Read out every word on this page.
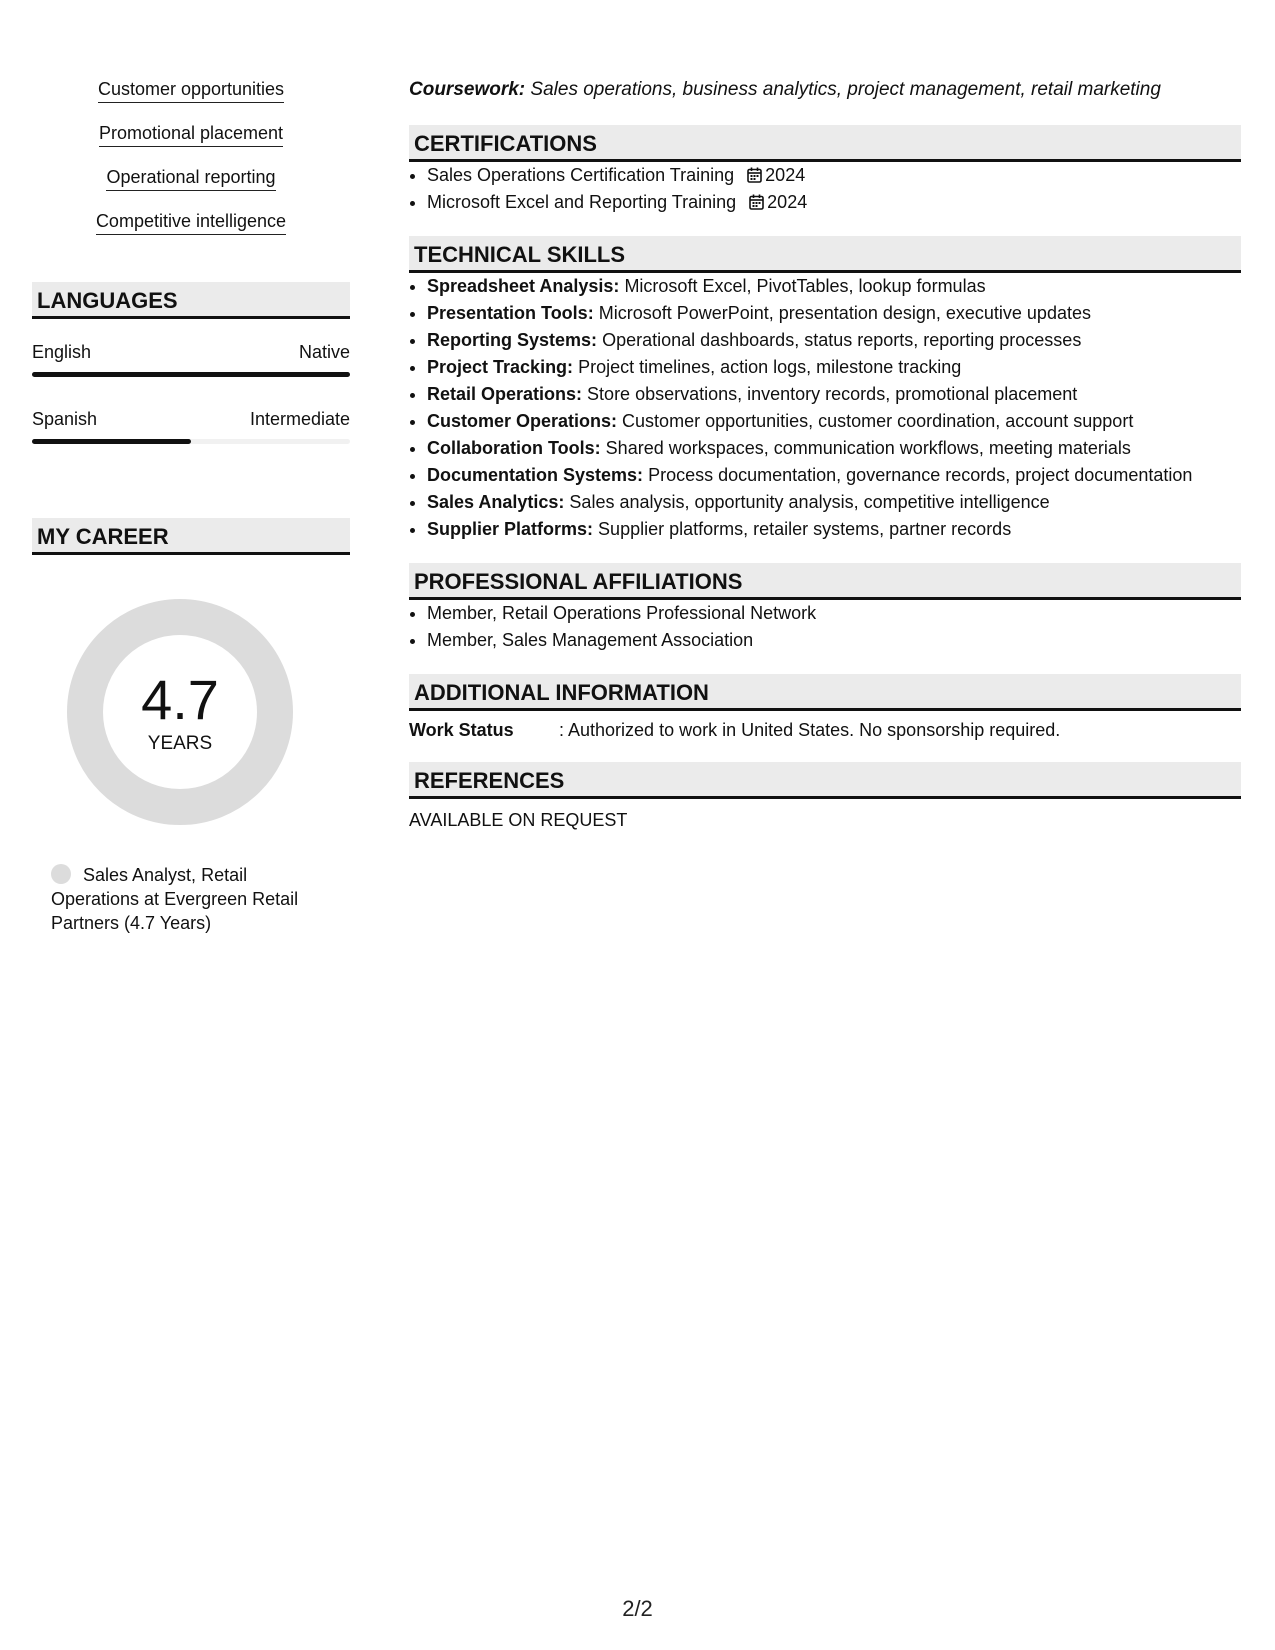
Customer opportunities
Promotional placement
Operational reporting
Competitive intelligence
LANGUAGES
English	Native
Spanish	Intermediate
MY CAREER
4.7
YEARS
Sales Analyst, Retail Operations at Evergreen Retail Partners (4.7 Years)
Coursework: Sales operations, business analytics, project management, retail marketing
CERTIFICATIONS
• Sales Operations Certification Training 2024
• Microsoft Excel and Reporting Training 2024
TECHNICAL SKILLS
• Spreadsheet Analysis: Microsoft Excel, PivotTables, lookup formulas
• Presentation Tools: Microsoft PowerPoint, presentation design, executive updates
• Reporting Systems: Operational dashboards, status reports, reporting processes
• Project Tracking: Project timelines, action logs, milestone tracking
• Retail Operations: Store observations, inventory records, promotional placement
• Customer Operations: Customer opportunities, customer coordination, account support
• Collaboration Tools: Shared workspaces, communication workflows, meeting materials
• Documentation Systems: Process documentation, governance records, project documentation
• Sales Analytics: Sales analysis, opportunity analysis, competitive intelligence
• Supplier Platforms: Supplier platforms, retailer systems, partner records
PROFESSIONAL AFFILIATIONS
• Member, Retail Operations Professional Network
• Member, Sales Management Association
ADDITIONAL INFORMATION
Work Status	: Authorized to work in United States. No sponsorship required.
REFERENCES
AVAILABLE ON REQUEST
2/2
